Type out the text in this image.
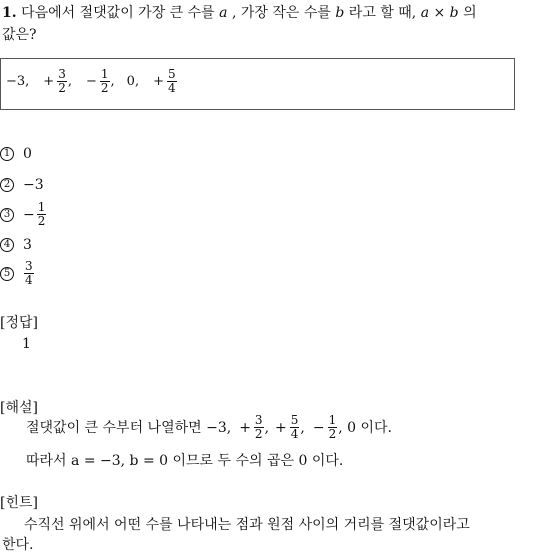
1. 다음에서 절댓값이 가장 큰 수를 a , 가장 작은 수를 b 라고 할 때, a × b 의
값은?
−3, + $\frac{3}{2}$ , − $\frac{1}{2}$ , 0, + $\frac{5}{4}$
1 0
2 −3
$3 - \frac{1}{2}$
4 3
5	$\frac{3}{4}$
[정답]
1
[해설]
절댓값이 큰 수부터 나열하면 −3, + $\frac{3}{2}$ , + $\frac{5}{4}$ , − $\frac{1}{2}$ , 0 이다.
따라서 a = −3, b = 0 이므로 두 수의 곱은 0 이다.
[힌트]
수직선 위에서 어떤 수를 나타내는 점과 원점 사이의 거리를 절댓값이라고
한다.
